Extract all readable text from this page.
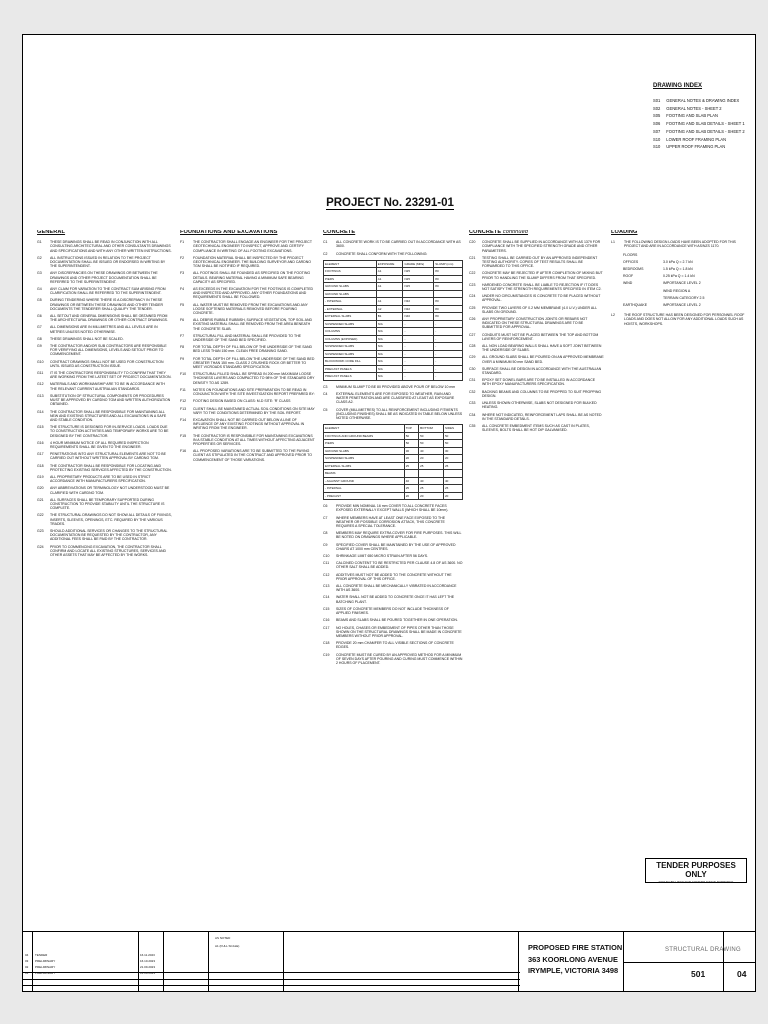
DRAWING INDEX
S01 GENERAL NOTES & DRAWING INDEX
S02 GENERAL NOTES - SHEET 2
S05 FOOTING AND SLAB PLAN
S06 FOOTING AND SLAB DETAILS - SHEET 1
S07 FOOTING AND SLAB DETAILS - SHEET 2
S10 LOWER ROOF FRAMING PLAN
S10 UPPER ROOF FRAMING PLAN
PROJECT No. 23291-01
GENERAL
G1	THESE DRAWINGS SHALL BE READ IN CONJUNCTION WITH ALL CONSULTING ARCHITECTURAL AND OTHER CONSULTANTS DRAWINGS AND SPECIFICATIONS AND WITH ANY OTHER WRITTEN INSTRUCTIONS.
G2	ALL INSTRUCTIONS ISSUED IN RELATION TO THE PROJECT DOCUMENTATION SHALL BE ISSUED OR ENDORSED IN WRITING BY THE SUPERINTENDENT.
G3	ANY DISCREPANCIES ON THESE DRAWINGS OR BETWEEN THE DRAWINGS AND OTHER PROJECT DOCUMENTATION SHALL BE REFERRED TO THE SUPERINTENDENT.
G4	ANY CLAIM FOR VARIATION TO THE CONTRACT SUM ARISING FROM CLARIFICATION SHALL BE REFERRED TO THE SUPERINTENDENT.
G5	DURING TENDERING WHERE THERE IS A DISCREPANCY IN THESE DRAWINGS OR BETWEEN THESE DRAWINGS AND OTHER TENDER DOCUMENTS THE TENDERER SHALL QUALIFY THE TENDER.
G6	ALL SETOUT AND GENERAL DIMENSIONS SHALL BE OBTAINED FROM THE ARCHITECTURAL DRAWINGS OR OTHER CONTRACT DRAWINGS.
G7	ALL DIMENSIONS ARE IN MILLIMETRES AND ALL LEVELS ARE IN METRES UNLESS NOTED OTHERWISE.
G8	THESE DRAWINGS SHALL NOT BE SCALED.
G9	THE CONTRACTOR AND/OR SUB CONTRACTORS ARE RESPONSIBLE FOR VERIFYING ALL DIMENSIONS, LEVELS AND SETOUT PRIOR TO COMMENCEMENT.
G10	CONTRACT DRAWINGS SHALL NOT BE USED FOR CONSTRUCTION UNTIL ISSUED AS CONSTRUCTION ISSUE.
G11	IT IS THE CONTRACTORS RESPONSIBILITY TO CONFIRM THAT THEY ARE WORKING FROM THE LATEST SET OF PROJECT DOCUMENTATION.
G12	MATERIALS AND WORKMANSHIP ARE TO BE IN ACCORDANCE WITH THE RELEVANT CURRENT AUSTRALIAN STANDARDS.
G13	SUBSTITUTION OF STRUCTURAL COMPONENTS OR PROCEDURES MUST BE APPROVED BY CARDNO TGM AND WRITTEN AUTHORIZATION OBTAINED.
G14	THE CONTRACTOR SHALL BE RESPONSIBLE FOR MAINTAINING ALL NEW AND EXISTING STRUCTURES AND ALL EXCAVATIONS IN A SAFE AND STABLE CONDITION.
G15	THE STRUCTURE IS DESIGNED FOR IN-SERVICE LOADS. LOADS DUE TO CONSTRUCTION ACTIVITIES AND TEMPORARY WORKS ARE TO BE DESIGNED BY THE CONTRACTOR.
G16	4 HOUR MINIMUM NOTICE OF ALL REQUIRED INSPECTION REQUIREMENTS SHALL BE GIVEN TO THE ENGINEER.
G17	PENETRATIONS INTO ANY STRUCTURAL ELEMENTS ARE NOT TO BE CARRIED OUT WITHOUT WRITTEN APPROVAL BY CARDNO TGM.
G18	THE CONTRACTOR SHALL BE RESPONSIBLE FOR LOCATING AND PROTECTING EXISTING SERVICES AFFECTED BY THE CONSTRUCTION.
G19	ALL PROPRIETARY PRODUCTS ARE TO BE USED IN STRICT ACCORDANCE WITH MANUFACTURERS SPECIFICATION.
G20	ANY ABBREVIATIONS OR TERMINOLOGY NOT UNDERSTOOD MUST BE CLARIFIED WITH CARDNO TGM.
G21	ALL SURFACES SHALL BE TEMPORARY SUPPORTED DURING CONSTRUCTION TO PROVIDE STABILITY UNTIL THE STRUCTURE IS COMPLETE.
G22	THE STRUCTURAL DRAWINGS DO NOT SHOW ALL DETAILS OF FIXINGS, INSERTS, SLEEVES, OPENINGS, ETC. REQUIRED BY THE VARIOUS TRADES.
G23	SHOULD ADDITIONAL SERVICES OR CHANGES TO THE STRUCTURAL DOCUMENTATION BE REQUESTED BY THE CONTRACTOR, ANY ADDITIONAL FEES SHALL BE PAID BY THE CONTRACTOR.
G24	PRIOR TO COMMENCING EXCAVATION, THE CONTRACTOR SHALL CONFIRM AND LOCATE ALL EXISTING STRUCTURES, SERVICES AND OTHER ASSETS THAT MAY BE AFFECTED BY THE WORKS.
FOUNDATIONS AND EXCAVATIONS
F1	THE CONTRACTOR SHALL ENGAGE AN ENGINEER FOR THE PROJECT GEOTECHNICAL ENGINEER TO INSPECT, APPROVE AND CERTIFY COMPLIANCE IN WRITING OF ALL FOOTING EXCAVATIONS.
F2	FOUNDATION MATERIAL SHALL BE INSPECTED BY THE PROJECT GEOTECHNICAL ENGINEER. THE BUILDING SURVEYOR AND CARDNO TGM SHALL BE NOTIFIED IF REQUIRED.
F3	ALL FOOTINGS SHALL BE FOUNDED AS SPECIFIED ON THE FOOTING DETAILS. BEARING MATERIAL HAVING A MINIMUM SAFE BEARING CAPACITY AS SPECIFIED.
F4	AS EXCEEDS IN THE EXCAVATION FOR THE FOOTINGS IS COMPLETED AND INSPECTED AND APPROVED. ANY OTHER FOUNDATIONS AND REQUIREMENTS SHALL BE FOLLOWED.
F5	ALL WATER MUST BE REMOVED FROM THE EXCAVATIONS AND ANY LOOSE SOFTENED MATERIALS REMOVED BEFORE POURING CONCRETE.
F6	ALL DEBRIS RUBBLE RUBBISH, SURFACE VEGETATION, TOP SOIL AND EXISTING MATERIAL SHALL BE REMOVED FROM THE AREA BENEATH THE CONCRETE SLAB.
F7	STRUCTURAL FILL AND MATERIAL SHALL BE PROVIDED TO THE UNDERSIDE OF THE SAND BED SPECIFIED.
F8	FOR TOTAL DEPTH OF FILL BELOW OF THE UNDERSIDE OF THE SAND BED LESS THAN 150 mm. CLEAN FREE DRAINING SAND.
F9	FOR TOTAL DEPTH OF FILL BELOW THE UNDERSIDE OF THE SAND BED GREATER THAN 150 mm. CLASS 2 CRUSHED ROCK OR BETTER TO MEET VICROADS STANDARD SPECIFICATION.
F10	STRUCTURAL FILLED SHALL BE SPREAD IN 200 mm MAXIMUM LOOSE THICKNESS LAYERS AND COMPACTED TO 98% OF THE STANDARD DRY DENSITY TO AS 1289.
F11	NOTES ON FOUNDATIONS AND SITE PREPARATION TO BE READ IN CONJUNCTION WITH THE SITE INVESTIGATION REPORT PREPARED BY:
F12	FOOTING DESIGN BASED ON CLASS: M-D SITE: 'R' CLASS
F13	CLIENT SHALL BE MAINTAINED ACTUAL SOIL CONDITIONS ON SITE MAY VARY TO THE CONDITIONS DETERMINED BY THE SOIL REPORT.
F14	EXCAVATION SHALL NOT BE CARRIED OUT BELOW A LINE OF INFLUENCE OF ANY EXISTING FOOTINGS WITHOUT APPROVAL IN WRITING FROM THE ENGINEER.
F15	THE CONTRACTOR IS RESPONSIBLE FOR MAINTAINING EXCAVATIONS IN A STABLE CONDITION AT ALL TIMES WITHOUT AFFECTING ADJACENT PROPERTIES OR SERVICES.
F16	ALL PROPOSED VARIATIONS ARE TO BE SUBMITTED TO THE PAYING CLIENT AS STIPULATED IN THE CONTRACT AND APPROVED PRIOR TO COMMENCEMENT OF THOSE VARIATIONS.
CONCRETE
C1	ALL CONCRETE WORK IS TO BE CARRIED OUT IN ACCORDANCE WITH AS 3600.
C2	CONCRETE SHALL CONFORM WITH THE FOLLOWING:
ELEMENT	EXPOSURE	GRADE (MPa)	SLUMP (mm)
FOOTINGS	A1	N25	80
PIERS	A1	N25	80
GROUND SLABS	A1	N25	80
GROUND SLABS			
- INTERNAL	A1	N32	80
- EXTERNAL	A2	N32	80
EXTERNAL SLABS	B1	N40	80
SUSPENDED SLABS	N/A	-	-
COLUMNS	N/A	-	-
COLUMNS (EXPOSED)	N/A	-	-
SUSPENDED SLABS	N/A	-	-
SUSPENDED SLABS	N/A	-	-
BLOCKWORK CORE FILL	N/A	-	-
PRECAST PANELS	N/A	-	-
PRECAST PANELS	N/A	-	-
C3	MINIMUM SLUMP TO BE 80 PROVIDED ABOVE POUR OF BELOW 10 mm
C4	EXTERNAL ELEMENTS ARE FOR EXPOSED TO WEATHER, RAIN AND WATER PENETRATION AND ARE CLASSIFIED AT LEAST AS EXPOSURE CLASS A2.
C5	COVER (MILLIMETRES) TO ALL REINFORCEMENT INCLUDING FITMENTS (INCLUDING FINISHES) SHALL BE AS INDICATED IN TABLE BELOW UNLESS NOTED OTHERWISE.
ELEMENT	TOP	BOTTOM	SIDES
FOOTINGS AND GROUND BEAMS	50	50	50
PIERS	50	50	50
GROUND SLABS	30	40	30
SUSPENDED SLABS	20	20	20
EXTERNAL SLABS	25	25	25
BEAMS			
- AGAINST GROUND	40	40	40
- INTERNAL	25	25	25
- PRECAST	20	20	20
C6	PROVIDE MIN NOMINAL 16 mm COVER TO ALL CONCRETE FACES EXPOSED EXTERNALLY EXCEPT WALLS (WHICH SHALL BE 10mm).
C7	WHERE MEMBERS HAVE AT LEAST ONE FACE EXPOSED TO THE WEATHER OR POSSIBLE CORROSION ATTACK, THIS CONCRETE REQUIRES A SPECIAL TOLERANCE.
C8	MEMBERS MAY REQUIRE EXTRA COVER FOR FIRE PURPOSES. THIS WILL BE NOTED ON DRAWINGS WHERE APPLICABLE.
C9	SPECIFIED COVER SHALL BE MAINTAINED BY THE USE OF APPROVED CHAIRS AT 1000 mm CENTRES.
C10	SHRINKAGE LIMIT 650 MICRO STRAIN AFTER 56 DAYS.
C11	CALCINED CONTENT TO BE RESTRICTED PER CLAUSE 4.8 OF AS 3600. NO OTHER SALT SHALL BE ADDED.
C12	ADDITIVES MUST NOT BE ADDED TO THE CONCRETE WITHOUT THE PRIOR APPROVAL OF THIS OFFICE.
C13	ALL CONCRETE SHALL BE MECHANICALLY VIBRATED IN ACCORDANCE WITH AS 3600.
C14	WATER SHALL NOT BE ADDED TO CONCRETE ONCE IT HAS LEFT THE BATCHING PLANT.
C15	SIZES OF CONCRETE MEMBERS DO NOT INCLUDE THICKNESS OF APPLIED FINISHES.
C16	BEAMS AND SLABS SHALL BE POURED TOGETHER IN ONE OPERATION.
C17	NO HOLES, CHASES OR EMBEDMENT OF PIPES OTHER THAN THOSE SHOWN ON THE STRUCTURAL DRAWINGS SHALL BE MADE IN CONCRETE MEMBERS WITHOUT PRIOR APPROVAL.
C18	PROVIDE 20 mm CHAMFER TO ALL VISIBLE SECTIONS OF CONCRETE EDGES.
C19	CONCRETE MUST BE CURED BY AN APPROVED METHOD FOR A MINIMUM OF SEVEN DAYS AFTER POURING AND CURING MUST COMMENCE WITHIN 2 HOURS OF PLACEMENT.
CONCRETE continued
C20	CONCRETE SHALL BE SUPPLIED IN ACCORDANCE WITH AS 1379 FOR COMPLIANCE WITH THE SPECIFIED STRENGTH GRADE AND OTHER PARAMETERS.
C21	TESTING SHALL BE CARRIED OUT BY AN APPROVED INDEPENDENT TESTING AUTHORITY. COPIES OF TEST RESULTS SHALL BE FORWARDED TO THIS OFFICE.
C22	CONCRETE MAY BE REJECTED IF AFTER COMPLETION OF MIXING BUT PRIOR TO HANDLING THE SLUMP DIFFERS FROM THAT SPECIFIED.
C23	HARDENED CONCRETE SHALL BE LIABLE TO REJECTION IF IT DOES NOT SATISFY THE STRENGTH REQUIREMENTS SPECIFIED IN ITEM C2.
C24	UNDER NO CIRCUMSTANCES IS CONCRETE TO BE PLACED WITHOUT APPROVAL.
C25	PROVIDE TWO LAYERS OF 0.2 MM MEMBRANE (4.0 U.V.) UNDER ALL SLABS ON GROUND.
C26	ANY PROPRIETARY CONSTRUCTION JOINTS OR REBARS NOT INDICATED ON THESE STRUCTURAL DRAWINGS ARE TO BE SUBMITTED FOR APPROVAL.
C27	CONDUITS MUST NOT BE PLACED BETWEEN THE TOP AND BOTTOM LAYERS OF REINFORCEMENT.
C28	ALL NON LOAD BEARING WALLS SHALL HAVE A SOFT JOINT BETWEEN THE UNDERSIDE OF SLABS.
C29	ALL GROUND SLABS SHALL BE POURED ON AN APPROVED MEMBRANE OVER A MINIMUM 50 mm SAND BED.
C30	SURFACE SHALL BE DESIGN IN ACCORDANCE WITH THE AUSTRALIAN STANDARD.
C31	EPOXY SET DOWEL BARS ARE TO BE INSTALLED IN ACCORDANCE WITH EPOXY MANUFACTURERS SPECIFICATION.
C32	BACKING BEAMS AND COLUMNS TO BE PROPPED TO SUIT PROPPING DESIGN.
C33	UNLESS SHOWN OTHERWISE, SLABS NOT DESIGNED FOR BULKED HEATING.
C34	WHERE NOT INDICATED, REINFORCEMENT LAPS SHALL BE AS NOTED IN THE STANDARD DETAILS.
C35	ALL CONCRETE EMBEDMENT ITEMS SUCH AS CAST IN PLATES, SLEEVES, BOLTS SHALL BE HOT DIP GALVANISED.
LOADING
L1	THE FOLLOWING DESIGN LOADS HAVE BEEN ADOPTED FOR THIS PROJECT AND ARE IN ACCORDANCE WITH AS/NZS 1170.
FLOORS
OFFICES	3.0 kPa Q = 2.7 kN
BEDROOMS	1.5 kPa Q = 1.8 kN
ROOF	0.25 kPa Q = 1.4 kN
WIND	IMPORTANCE LEVEL 2
WIND REGION A
TERRAIN CATEGORY 2.5
EARTHQUAKE	IMPORTANCE LEVEL 2
L2	THE ROOF STRUCTURE HAS BEEN DESIGNED FOR PERSONNEL ROOF LOADS AND DOES NOT ALLOW FOR ANY ADDITIONAL LOADS SUCH AS HOISTS, WORKSHOPS.
TENDER PURPOSES ONLY
NOT TO BE USED FOR CONSTRUCTION PURPOSES
AS NOTED
A1 (FULL SCALE)
04 TENDER	16.11.2023
03 PRELIMINARY	16.10.2023
02 PRELIMINARY	21.09.2023
01 PRELIMINARY	14.09.2023
PROPOSED FIRE STATION
363 KOORLONG AVENUE
IRYMPLE, VICTORIA 3498
STRUCTURAL DRAWING
501	04
